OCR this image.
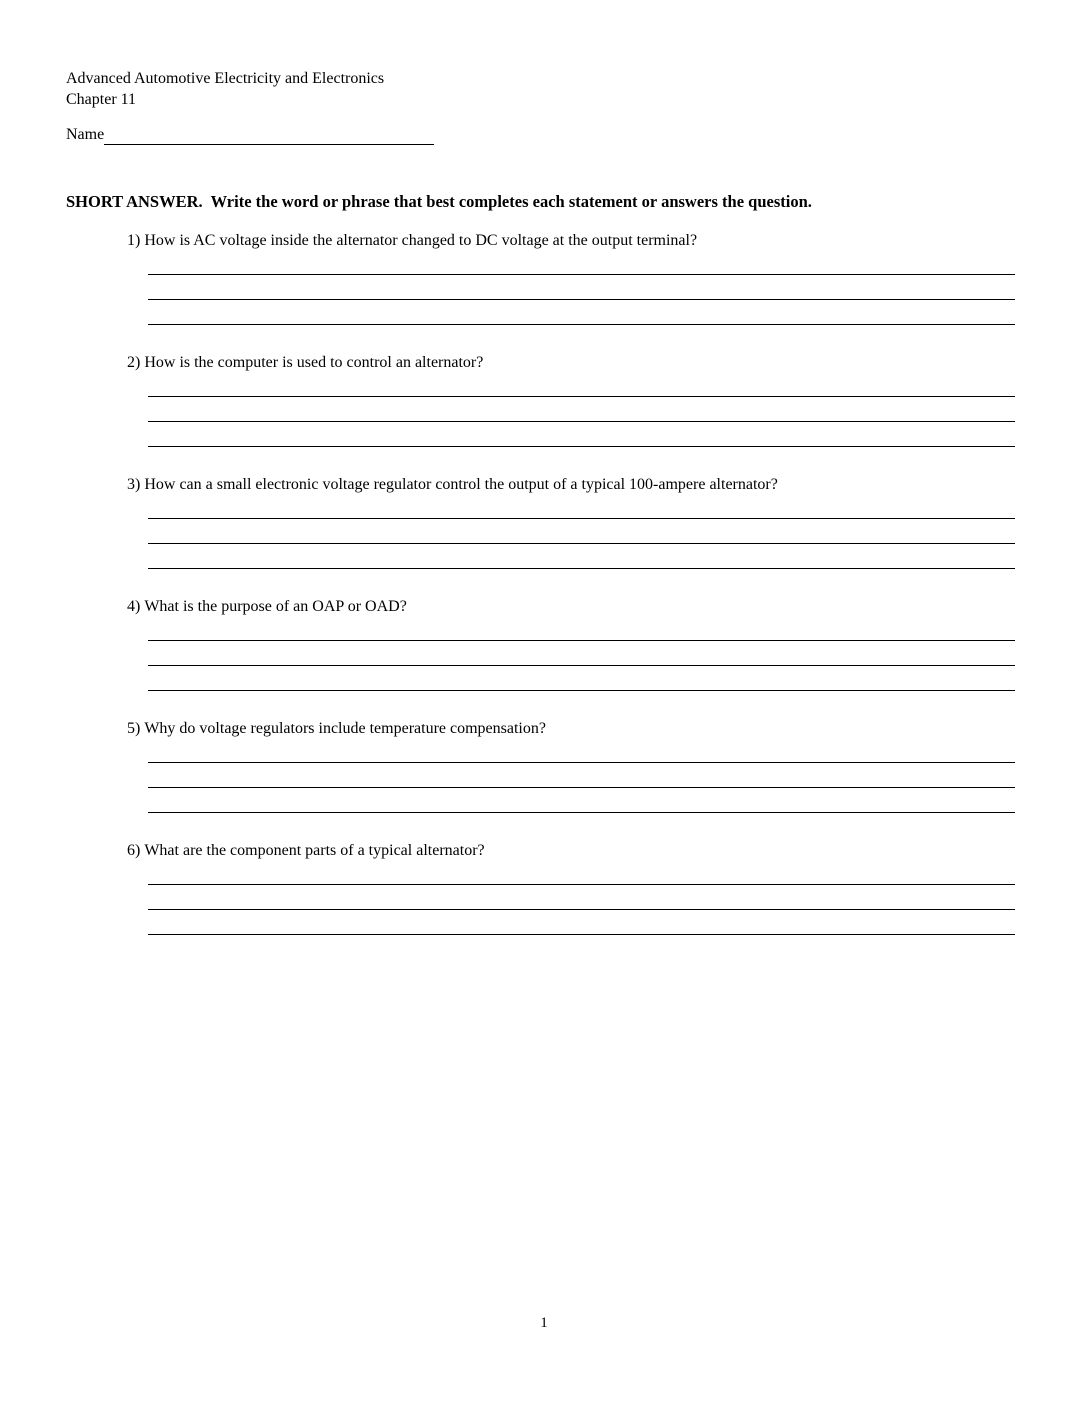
Advanced Automotive Electricity and Electronics
Chapter 11
Name
SHORT ANSWER.  Write the word or phrase that best completes each statement or answers the question.
1) How is AC voltage inside the alternator changed to DC voltage at the output terminal?
2) How is the computer is used to control an alternator?
3) How can a small electronic voltage regulator control the output of a typical 100-ampere alternator?
4) What is the purpose of an OAP or OAD?
5) Why do voltage regulators include temperature compensation?
6) What are the component parts of a typical alternator?
1
